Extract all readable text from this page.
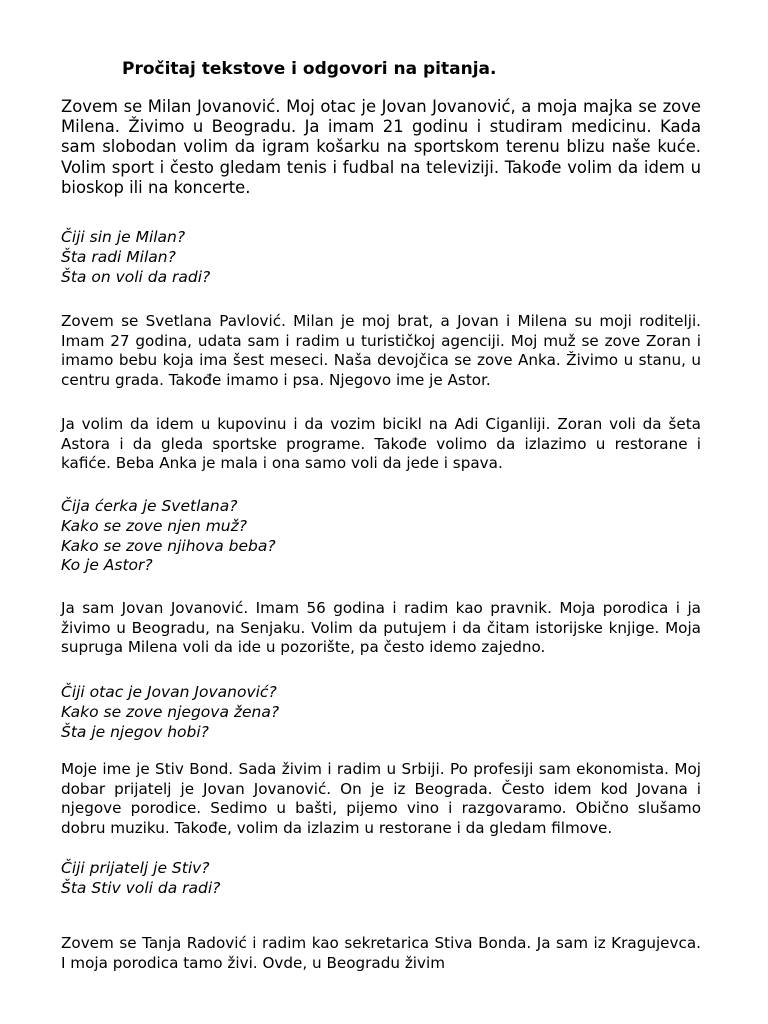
Pročitaj tekstove i odgovori na pitanja.

Zovem se Milan Jovanović. Moj otac je Jovan Jovanović, a moja majka se zove Milena. Živimo u Beogradu. Ja imam 21 godinu i studiram medicinu. Kada sam slobodan volim da igram košarku na sportskom terenu blizu naše kuće. Volim sport i često gledam tenis i fudbal na televiziji. Takođe volim da idem u bioskop ili na koncerte.

Čiji sin je Milan?
Šta radi Milan?
Šta on voli da radi?

Zovem se Svetlana Pavlović. Milan je moj brat, a Jovan i Milena su moji roditelji. Imam 27 godina, udata sam i radim u turističkoj agenciji. Moj muž se zove Zoran i imamo bebu koja ima šest meseci. Naša devojčica se zove Anka. Živimo u stanu, u centru grada. Takođe imamo i psa. Njegovo ime je Astor.

Ja volim da idem u kupovinu i da vozim bicikl na Adi Ciganliji. Zoran voli da šeta Astora i da gleda sportske programe. Takođe volimo da izlazimo u restorane i kafiće. Beba Anka je mala i ona samo voli da jede i spava.

Čija ćerka je Svetlana?
Kako se zove njen muž?
Kako se zove njihova beba?
Ko je Astor?

Ja sam Jovan Jovanović. Imam 56 godina i radim kao pravnik. Moja porodica i ja živimo u Beogradu, na Senjaku. Volim da putujem i da čitam istorijske knjige. Moja supruga Milena voli da ide u pozorište, pa često idemo zajedno.

Čiji otac je Jovan Jovanović?
Kako se zove njegova žena?
Šta je njegov hobi?

Moje ime je Stiv Bond. Sada živim i radim u Srbiji. Po profesiji sam ekonomista. Moj dobar prijatelj je Jovan Jovanović. On je iz Beograda. Često idem kod Jovana i njegove porodice. Sedimo u bašti, pijemo vino i razgovaramo. Obično slušamo dobru muziku. Takođe, volim da izlazim u restorane i da gledam filmove.

Čiji prijatelj je Stiv?
Šta Stiv voli da radi?

Zovem se Tanja Radović i radim kao sekretarica Stiva Bonda. Ja sam iz Kragujevca. I moja porodica tamo živi. Ovde, u Beogradu živim
